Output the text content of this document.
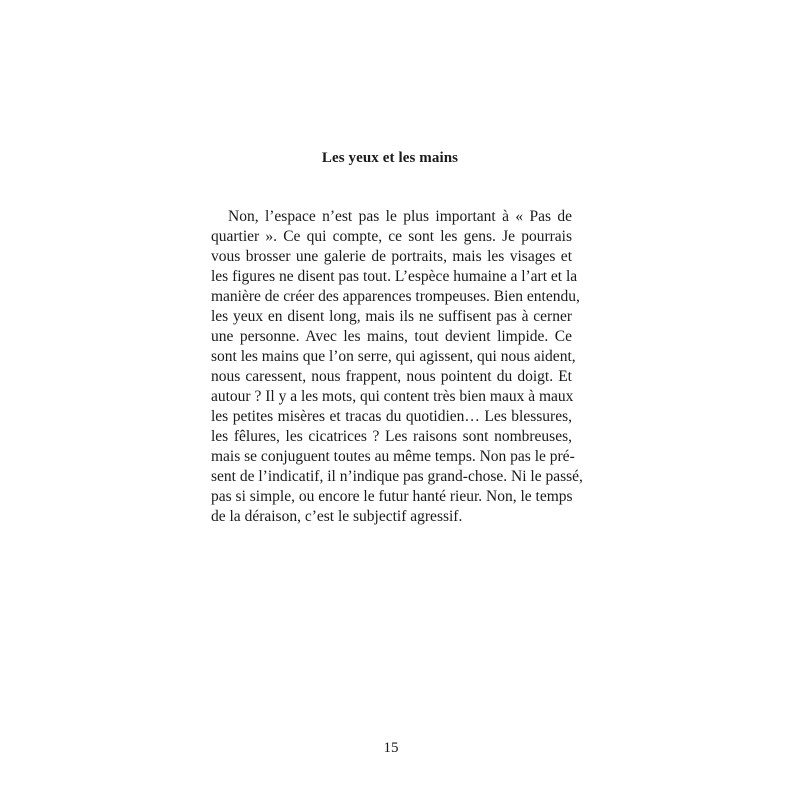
Les yeux et les mains
Non, l’espace n’est pas le plus important à « Pas de
quartier ». Ce qui compte, ce sont les gens. Je pourrais
vous brosser une galerie de portraits, mais les visages et
les figures ne disent pas tout. L’espèce humaine a l’art et la
manière de créer des apparences trompeuses. Bien entendu,
les yeux en disent long, mais ils ne suffisent pas à cerner
une personne. Avec les mains, tout devient limpide. Ce
sont les mains que l’on serre, qui agissent, qui nous aident,
nous caressent, nous frappent, nous pointent du doigt. Et
autour ? Il y a les mots, qui content très bien maux à maux
les petites misères et tracas du quotidien… Les blessures,
les fêlures, les cicatrices ? Les raisons sont nombreuses,
mais se conjuguent toutes au même temps. Non pas le pré-
sent de l’indicatif, il n’indique pas grand-chose. Ni le passé,
pas si simple, ou encore le futur hanté rieur. Non, le temps
de la déraison, c’est le subjectif agressif.

15
